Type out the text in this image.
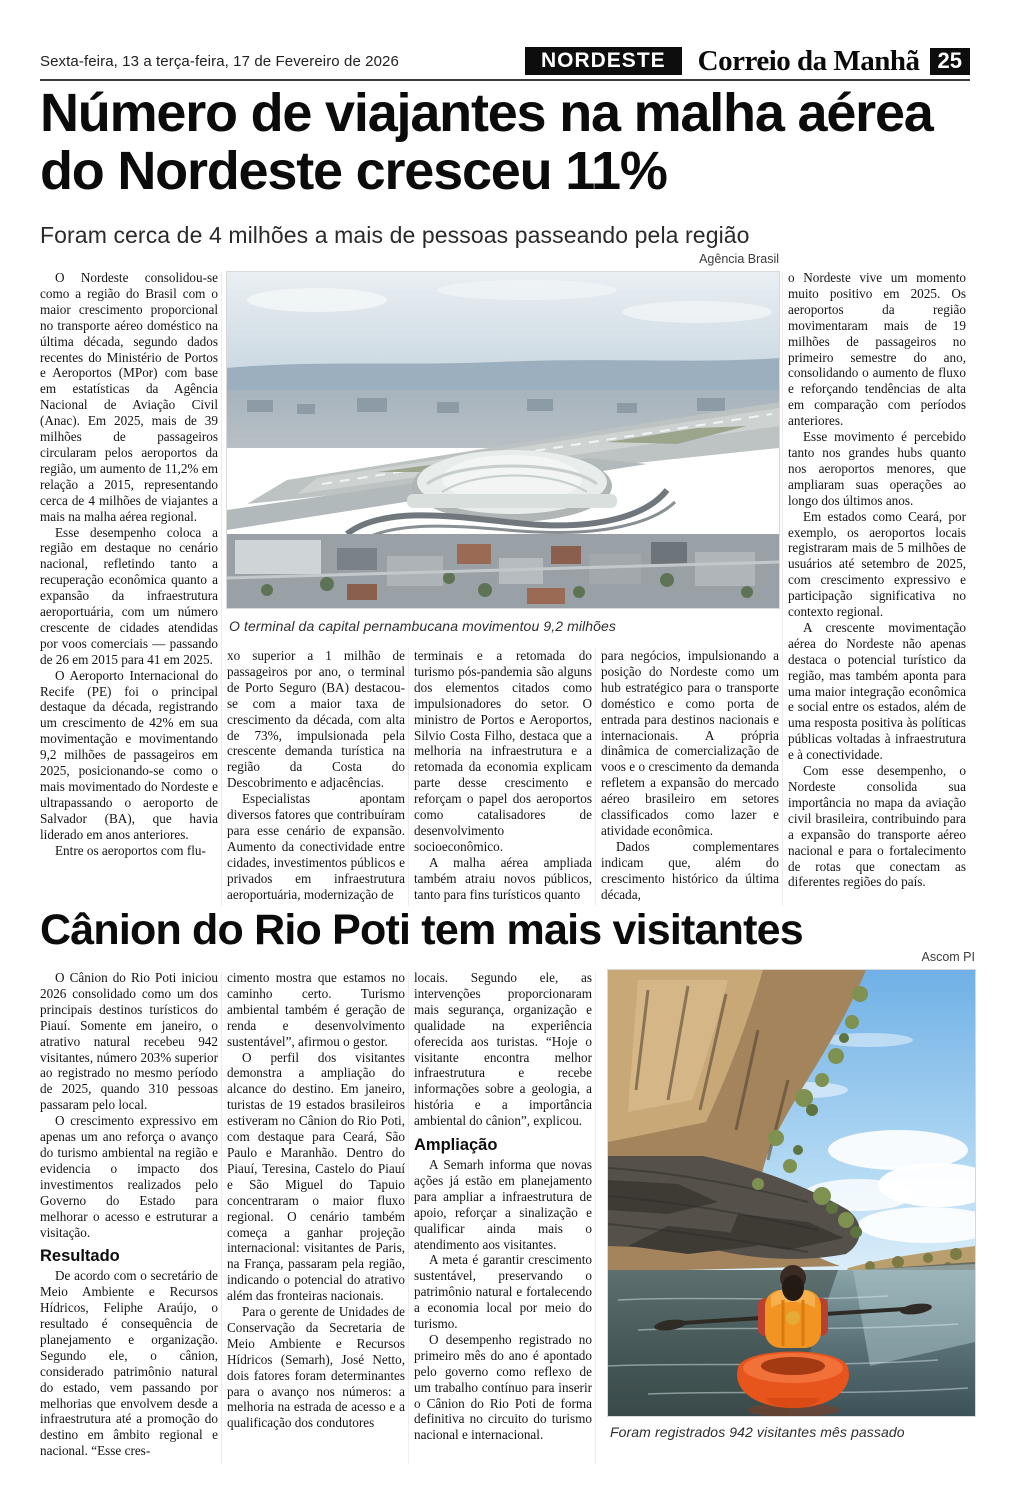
Sexta-feira, 13 a terça-feira, 17 de Fevereiro de 2026	NORDESTE	Correio da Manhã 25
Número de viajantes na malha aérea do Nordeste cresceu 11%

Foram cerca de 4 milhões a mais de pessoas passeando pela região

Agência Brasil
O terminal da capital pernambucana movimentou 9,2 milhões

O Nordeste consolidou-se como a região do Brasil com o maior crescimento proporcional no transporte aéreo doméstico na última década, segundo dados recentes do Ministério de Portos e Aeroportos (MPor) com base em estatísticas da Agência Nacional de Aviação Civil (Anac). Em 2025, mais de 39 milhões de passageiros circularam pelos aeroportos da região, um aumento de 11,2% em relação a 2015, representando cerca de 4 milhões de viajantes a mais na malha aérea regional.

Esse desempenho coloca a região em destaque no cenário nacional, refletindo tanto a recuperação econômica quanto a expansão da infraestrutura aeroportuária, com um número crescente de cidades atendidas por voos comerciais — passando de 26 em 2015 para 41 em 2025.

O Aeroporto Internacional do Recife (PE) foi o principal destaque da década, registrando um crescimento de 42% em sua movimentação e movimentando 9,2 milhões de passageiros em 2025, posicionando-se como o mais movimentado do Nordeste e ultrapassando o aeroporto de Salvador (BA), que havia liderado em anos anteriores.

Entre os aeroportos com flu-

xo superior a 1 milhão de passageiros por ano, o terminal de Porto Seguro (BA) destacou-se com a maior taxa de crescimento da década, com alta de 73%, impulsionada pela crescente demanda turística na região da Costa do Descobrimento e adjacências.

Especialistas apontam diversos fatores que contribuíram para esse cenário de expansão. Aumento da conectividade entre cidades, investimentos públicos e privados em infraestrutura aeroportuária, modernização de

terminais e a retomada do turismo pós-pandemia são alguns dos elementos citados como impulsionadores do setor. O ministro de Portos e Aeroportos, Silvio Costa Filho, destaca que a melhoria na infraestrutura e a retomada da economia explicam parte desse crescimento e reforçam o papel dos aeroportos como catalisadores de desenvolvimento socioeconômico.

A malha aérea ampliada também atraiu novos públicos, tanto para fins turísticos quanto

para negócios, impulsionando a posição do Nordeste como um hub estratégico para o transporte doméstico e como porta de entrada para destinos nacionais e internacionais. A própria dinâmica de comercialização de voos e o crescimento da demanda refletem a expansão do mercado aéreo brasileiro em setores classificados como lazer e atividade econômica.

Dados complementares indicam que, além do crescimento histórico da última década,

o Nordeste vive um momento muito positivo em 2025. Os aeroportos da região movimentaram mais de 19 milhões de passageiros no primeiro semestre do ano, consolidando o aumento de fluxo e reforçando tendências de alta em comparação com períodos anteriores.

Esse movimento é percebido tanto nos grandes hubs quanto nos aeroportos menores, que ampliaram suas operações ao longo dos últimos anos.

Em estados como Ceará, por exemplo, os aeroportos locais registraram mais de 5 milhões de usuários até setembro de 2025, com crescimento expressivo e participação significativa no contexto regional.

A crescente movimentação aérea do Nordeste não apenas destaca o potencial turístico da região, mas também aponta para uma maior integração econômica e social entre os estados, além de uma resposta positiva às políticas públicas voltadas à infraestrutura e à conectividade.

Com esse desempenho, o Nordeste consolida sua importância no mapa da aviação civil brasileira, contribuindo para a expansão do transporte aéreo nacional e para o fortalecimento de rotas que conectam as diferentes regiões do país.

Cânion do Rio Poti tem mais visitantes
Ascom PI

O Cânion do Rio Poti iniciou 2026 consolidado como um dos principais destinos turísticos do Piauí. Somente em janeiro, o atrativo natural recebeu 942 visitantes, número 203% superior ao registrado no mesmo período de 2025, quando 310 pessoas passaram pelo local.

O crescimento expressivo em apenas um ano reforça o avanço do turismo ambiental na região e evidencia o impacto dos investimentos realizados pelo Governo do Estado para melhorar o acesso e estruturar a visitação.

Resultado

De acordo com o secretário de Meio Ambiente e Recursos Hídricos, Feliphe Araújo, o resultado é consequência de planejamento e organização. Segundo ele, o cânion, considerado patrimônio natural do estado, vem passando por melhorias que envolvem desde a infraestrutura até a promoção do destino em âmbito regional e nacional. “Esse cres-

cimento mostra que estamos no caminho certo. Turismo ambiental também é geração de renda e desenvolvimento sustentável”, afirmou o gestor.

O perfil dos visitantes demonstra a ampliação do alcance do destino. Em janeiro, turistas de 19 estados brasileiros estiveram no Cânion do Rio Poti, com destaque para Ceará, São Paulo e Maranhão. Dentro do Piauí, Teresina, Castelo do Piauí e São Miguel do Tapuio concentraram o maior fluxo regional. O cenário também começa a ganhar projeção internacional: visitantes de Paris, na França, passaram pela região, indicando o potencial do atrativo além das fronteiras nacionais.

Para o gerente de Unidades de Conservação da Secretaria de Meio Ambiente e Recursos Hídricos (Semarh), José Netto, dois fatores foram determinantes para o avanço nos números: a melhoria na estrada de acesso e a qualificação dos condutores

locais. Segundo ele, as intervenções proporcionaram mais segurança, organização e qualidade na experiência oferecida aos turistas. “Hoje o visitante encontra melhor infraestrutura e recebe informações sobre a geologia, a história e a importância ambiental do cânion”, explicou.

Ampliação

A Semarh informa que novas ações já estão em planejamento para ampliar a infraestrutura de apoio, reforçar a sinalização e qualificar ainda mais o atendimento aos visitantes.

A meta é garantir crescimento sustentável, preservando o patrimônio natural e fortalecendo a economia local por meio do turismo.

O desempenho registrado no primeiro mês do ano é apontado pelo governo como reflexo de um trabalho contínuo para inserir o Cânion do Rio Poti de forma definitiva no circuito do turismo nacional e internacional.	Foram registrados 942 visitantes mês passado
